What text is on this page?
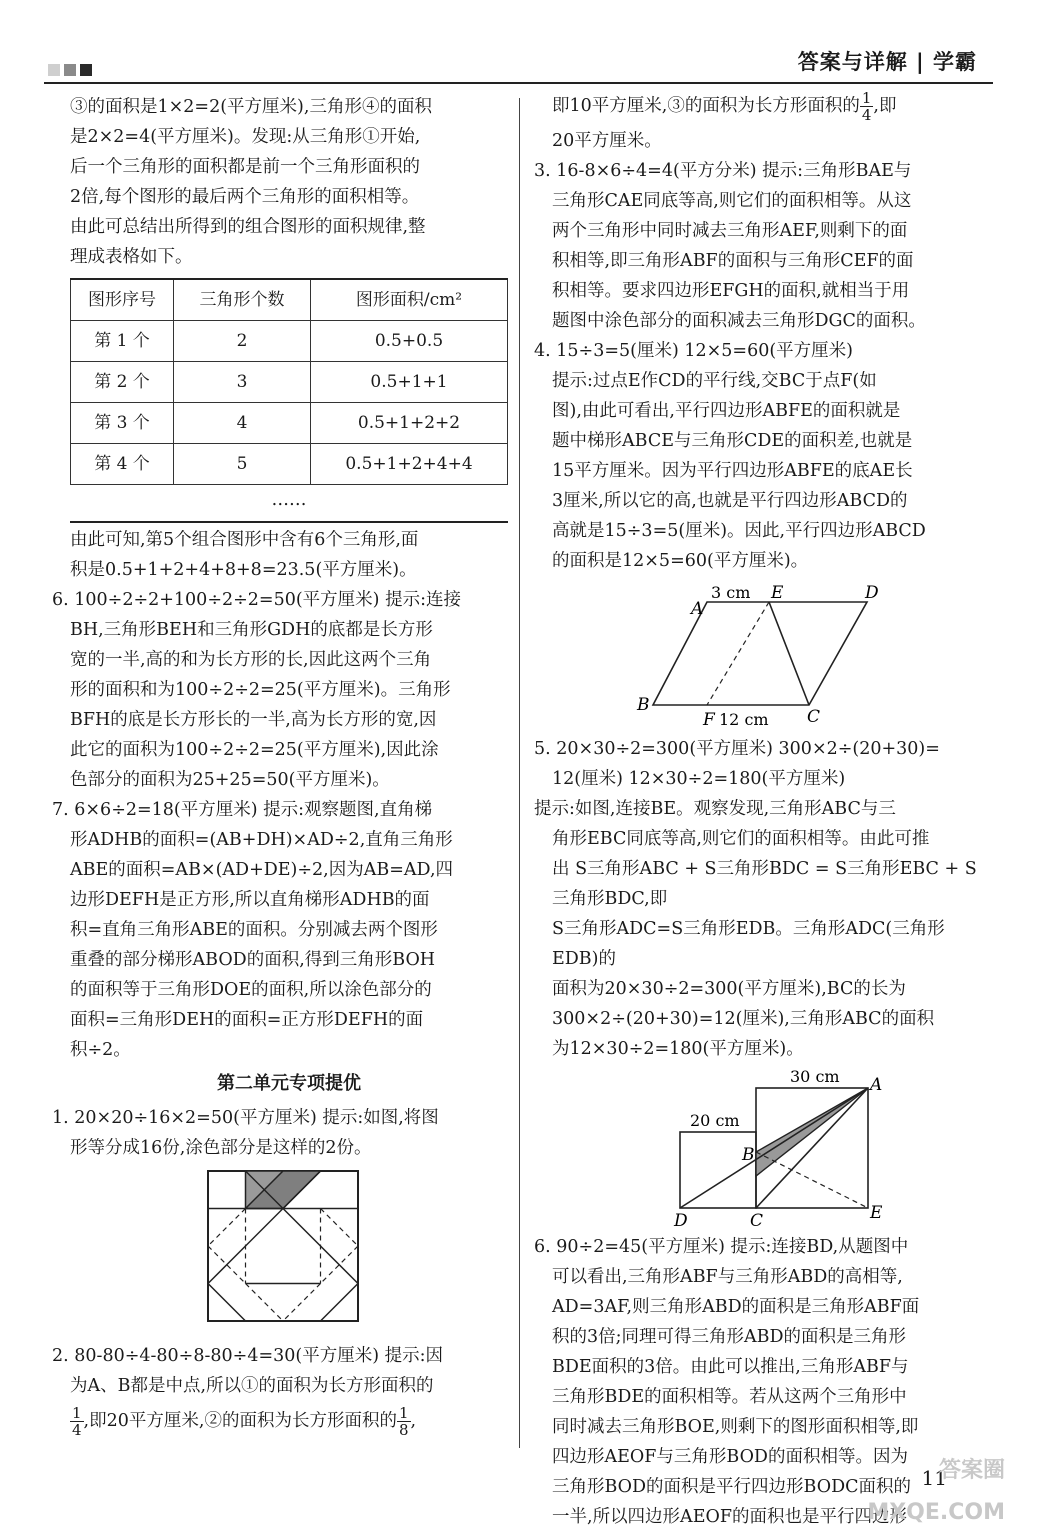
答案与详解 | 学霸
③的面积是1×2=2(平方厘米),三角形④的面积
是2×2=4(平方厘米)。发现:从三角形①开始,
后一个三角形的面积都是前一个三角形面积的
2倍,每个图形的最后两个三角形的面积相等。
由此可总结出所得到的组合图形的面积规律,整
理成表格如下。
图形序号	三角形个数	图形面积/cm²
第 1 个	2	0.5+0.5
第 2 个	3	0.5+1+1
第 3 个	4	0.5+1+2+2
第 4 个	5	0.5+1+2+4+4
……
由此可知,第5个组合图形中含有6个三角形,面
积是0.5+1+2+4+8+8=23.5(平方厘米)。
6. 100÷2÷2+100÷2÷2=50(平方厘米) 提示:连接
BH,三角形BEH和三角形GDH的底都是长方形
宽的一半,高的和为长方形的长,因此这两个三角
形的面积和为100÷2÷2=25(平方厘米)。三角形
BFH的底是长方形长的一半,高为长方形的宽,因
此它的面积为100÷2÷2=25(平方厘米),因此涂
色部分的面积为25+25=50(平方厘米)。
7. 6×6÷2=18(平方厘米) 提示:观察题图,直角梯
形ADHB的面积=(AB+DH)×AD÷2,直角三角形
ABE的面积=AB×(AD+DE)÷2,因为AB=AD,四
边形DEFH是正方形,所以直角梯形ADHB的面
积=直角三角形ABE的面积。分别减去两个图形
重叠的部分梯形ABOD的面积,得到三角形BOH
的面积等于三角形DOE的面积,所以涂色部分的
面积=三角形DEH的面积=正方形DEFH的面
积÷2。
第二单元专项提优
1. 20×20÷16×2=50(平方厘米) 提示:如图,将图
形等分成16份,涂色部分是这样的2份。
2. 80-80÷4-80÷8-80÷4=30(平方厘米) 提示:因
为A、B都是中点,所以①的面积为长方形面积的
$\frac{1}{4}$ ,即20平方厘米,②的面积为长方形面积的 $\frac{1}{8}$ ,
即10平方厘米,③的面积为长方形面积的 $\frac{1}{4}$ ,即
20平方厘米。
3. 16-8×6÷4=4(平方分米) 提示:三角形BAE与
三角形CAE同底等高,则它们的面积相等。从这
两个三角形中同时减去三角形AEF,则剩下的面
积相等,即三角形ABF的面积与三角形CEF的面
积相等。要求四边形EFGH的面积,就相当于用
题图中涂色部分的面积减去三角形DGC的面积。
4. 15÷3=5(厘米) 12×5=60(平方厘米)
提示:过点E作CD的平行线,交BC于点F(如
图),由此可看出,平行四边形ABFE的面积就是
题中梯形ABCE与三角形CDE的面积差,也就是
15平方厘米。因为平行四边形ABFE的底AE长
3厘米,所以它的高,也就是平行四边形ABCD的
高就是15÷3=5(厘米)。因此,平行四边形ABCD
的面积是12×5=60(平方厘米)。
A
3 cm E	D
B
F 12 cm C
5. 20×30÷2=300(平方厘米) 300×2÷(20+30)=
12(厘米) 12×30÷2=180(平方厘米)
提示:如图,连接BE。观察发现,三角形ABC与三
角形EBC同底等高,则它们的面积相等。由此可推
出 S三角形ABC + S三角形BDC = S三角形EBC + S三角形BDC,即
S三角形ADC=S三角形EDB。三角形ADC(三角形EDB)的
面积为20×30÷2=300(平方厘米),BC的长为
300×2÷(20+30)=12(厘米),三角形ABC的面积
为12×30÷2=180(平方厘米)。
30 cm A
20 cm
B
D	C	E
6. 90÷2=45(平方厘米) 提示:连接BD,从题图中
可以看出,三角形ABF与三角形ABD的高相等,
AD=3AF,则三角形ABD的面积是三角形ABF面
积的3倍;同理可得三角形ABD的面积是三角形
BDE面积的3倍。由此可以推出,三角形ABF与
三角形BDE的面积相等。若从这两个三角形中
同时减去三角形BOE,则剩下的图形面积相等,即
四边形AEOF与三角形BOD的面积相等。因为
三角形BOD的面积是平行四边形BODC面积的
一半,所以四边形AEOF的面积也是平行四边形
11
答案圈
MXQE.COM
